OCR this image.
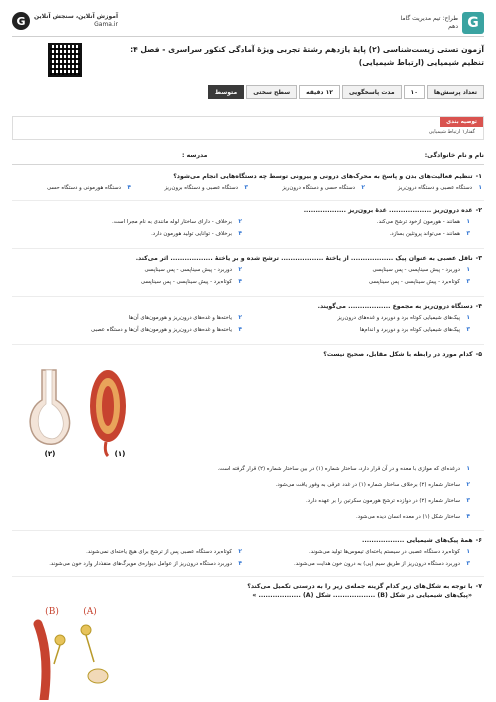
G
طراح: تیم مدیریت گاما
دهم
آموزش آنلاین، سنجش آنلاین
Gama.ir
G
آزمون تستی زیست‌شناسی (۲) پایهٔ یازدهم رشتهٔ تجربی ویژهٔ آمادگی کنکور سراسری - فصل ۴: تنظیم شیمیایی (ارتباط شیمیایی)
تعداد پرسش‌ها
۱۰
مدت پاسخگویی
۱۲ دقیقه
سطح سختی
متوسط
توصیه بندی
گفتار۱ ارتباط شیمیایی
نام و نام خانوادگی:
مدرسه :
۱-تنظیم فعالیت‌های بدن و پاسخ به محرک‌های درونی و بیرونی توسط چه دستگاه‌هایی انجام می‌شود؟
۱دستگاه عصبی و دستگاه درون‌ریز
۲دستگاه حسی و دستگاه درون‌ریز
۳دستگاه عصبی و دستگاه برون‌ریز
۴دستگاه هورمونی و دستگاه حسی
۲-غده درون‌ریز .................. غدهٔ برون‌ریز ..................
۱همانند - هورمون ازخود ترشح می‌کند.
۲برخلاف - دارای ساختار لوله مانندی به نام مجرا است.
۳همانند - می‌تواند پروتئین بسازد.
۴برخلاف - توانایی تولید هورمون دارد.
۳-ناقل عصبی به عنوان پیک .................. از یاختهٔ .................. ترشح شده و بر یاختهٔ .................. اثر می‌کند.
۱دوربرد - پیش سیناپسی - پس سیناپسی
۲دوربرد - پیش سیناپسی - پس سیناپسی
۳کوتاه‌برد - پیش سیناپسی - پس سیناپسی
۴کوتاه‌برد - پیش سیناپسی - پس سیناپسی
۴-دستگاه درون‌ریز به مجموع .................. می‌گویند.
۱پیک‌های شیمیایی کوتاه برد و دوربرد و غده‌های درون‌ریز
۲یاخته‌ها و غده‌های درون‌ریز و هورمون‌های آن‌ها
۳پیک‌های شیمیایی کوتاه برد و دوربرد و اندام‌ها
۴یاخته‌ها و غده‌های درون‌ریز و هورمون‌های آن‌ها و دستگاه عصبی
۵-کدام مورد در رابطه با شکل مقابل، صحیح نیست؟
(۲)	(۱)
۱درغده‌ای که موازی با معده و در آن قرار دارد، ساختار شماره (۱) در بین ساختار شماره (۲) قرار گرفته است.
۲ساختار شماره (۲) برخلاف ساختار شماره (۱) در غدد عرقی به وفور یافت می‌شود.
۳ساختار شماره (۲) در دوازده ترشح هورمون سکرتین را بر عهده دارد.
۴ساختار شکل (۱) در معده انسان دیده می‌شود.
۶-همهٔ پیک‌های شیمیایی ..................
۱کوتاه‌برد دستگاه عصبی در سیستم یاخته‌ای تیموس‌ها تولید می‌شوند.
۲کوتاه‌برد دستگاه عصبی پس از ترشح برای هیچ یاخته‌ای نمی‌شوند.
۳دوربرد دستگاه درون‌ریز از طریق سیم (پی) به درون خون هدایت می‌شوند.
۴دوربرد دستگاه درون‌ریز از عوامل دیواره‌ی مویرگ‌های منفذدار وارد خون می‌شوند.
۷-با توجه به شکل‌های زیر کدام گزینه جمله‌ی زیر را به درستی تکمیل می‌کند؟
«پیک‌های شیمیایی در شکل (B) .................. شکل (A) .................. »
(B)	(A)
